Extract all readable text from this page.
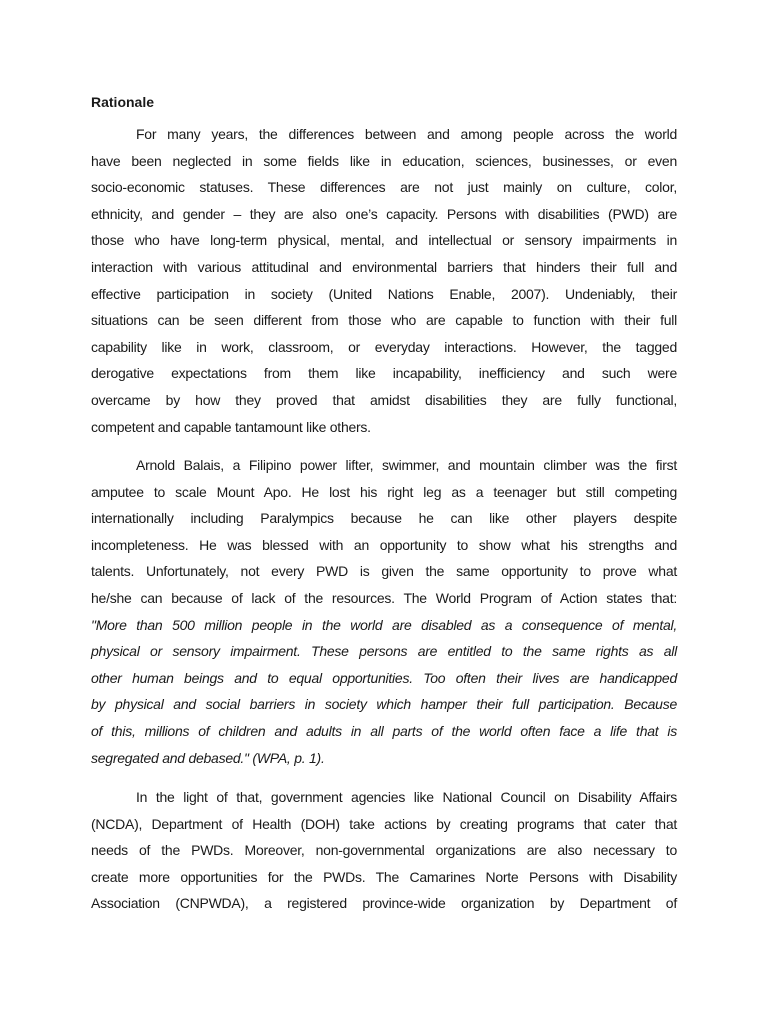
Rationale
For many years, the differences between and among people across the world
have been neglected in some fields like in education, sciences, businesses, or even
socio-economic statuses. These differences are not just mainly on culture, color,
ethnicity, and gender – they are also one’s capacity. Persons with disabilities (PWD) are
those who have long-term physical, mental, and intellectual or sensory impairments in
interaction with various attitudinal and environmental barriers that hinders their full and
effective participation in society (United Nations Enable, 2007). Undeniably, their
situations can be seen different from those who are capable to function with their full
capability like in work, classroom, or everyday interactions. However, the tagged
derogative expectations from them like incapability, inefficiency and such were
overcame by how they proved that amidst disabilities they are fully functional,
competent and capable tantamount like others.
Arnold Balais, a Filipino power lifter, swimmer, and mountain climber was the first
amputee to scale Mount Apo. He lost his right leg as a teenager but still competing
internationally including Paralympics because he can like other players despite
incompleteness. He was blessed with an opportunity to show what his strengths and
talents. Unfortunately, not every PWD is given the same opportunity to prove what
he/she can because of lack of the resources. The World Program of Action states that:
"More than 500 million people in the world are disabled as a consequence of mental,
physical or sensory impairment. These persons are entitled to the same rights as all
other human beings and to equal opportunities. Too often their lives are handicapped
by physical and social barriers in society which hamper their full participation. Because
of this, millions of children and adults in all parts of the world often face a life that is
segregated and debased." (WPA, p. 1).
In the light of that, government agencies like National Council on Disability Affairs
(NCDA), Department of Health (DOH) take actions by creating programs that cater that
needs of the PWDs. Moreover, non-governmental organizations are also necessary to
create more opportunities for the PWDs. The Camarines Norte Persons with Disability
Association (CNPWDA), a registered province-wide organization by Department of
